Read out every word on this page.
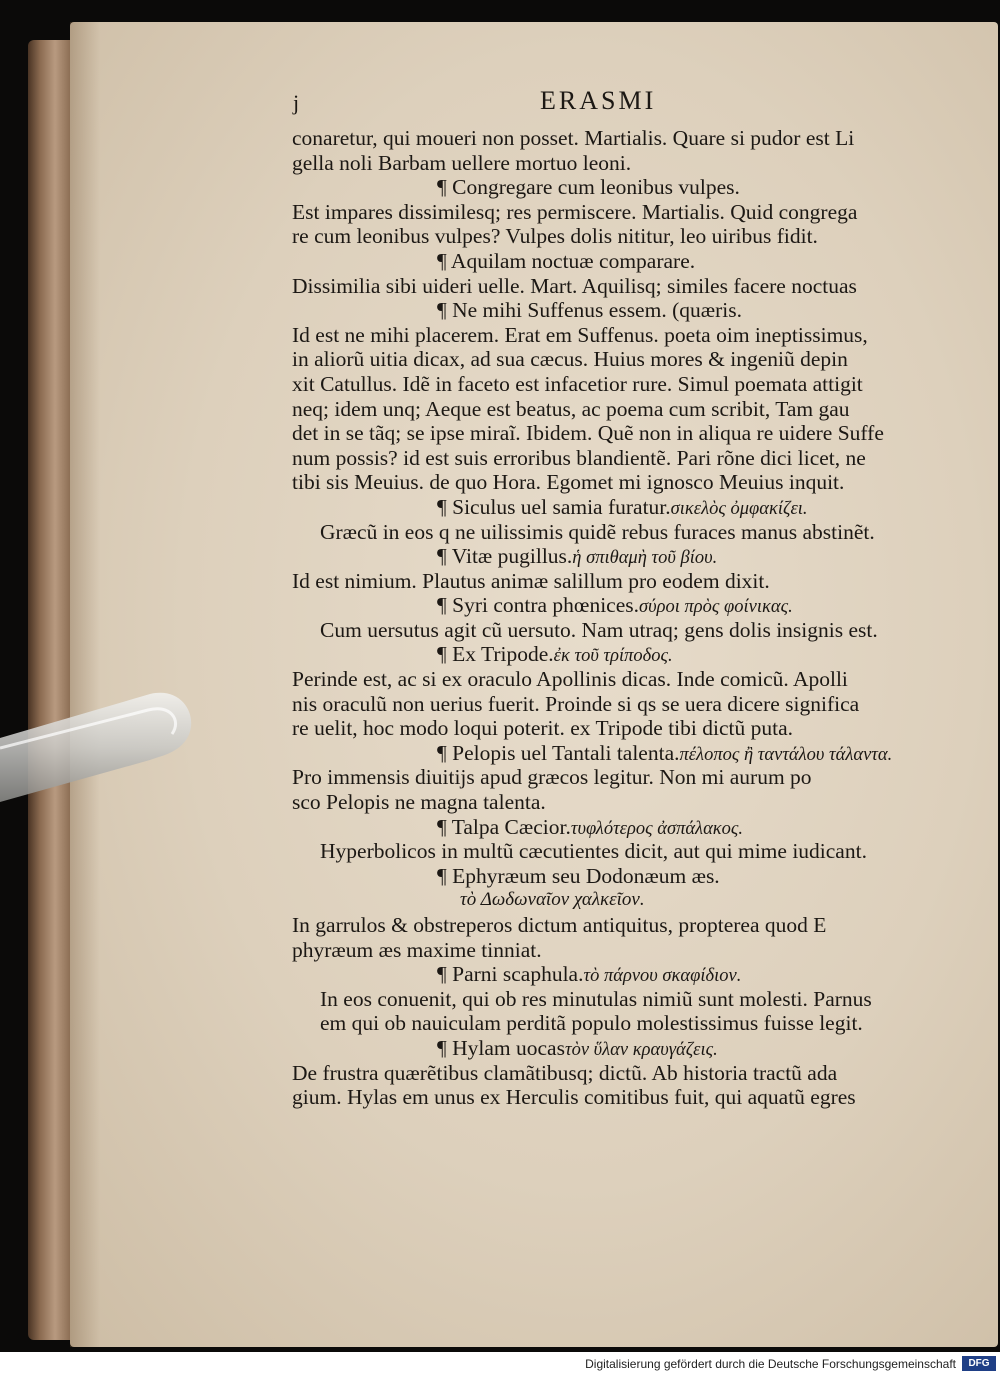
j	ERASMI
conaretur, qui moueri non posset. Martialis. Quare si pudor est Li
gella noli Barbam uellere mortuo leoni.
¶ Congregare cum leonibus vulpes.
Est impares dissimilesq; res permiscere. Martialis. Quid congrega
re cum leonibus vulpes? Vulpes dolis nititur, leo uiribus fidit.
¶ Aquilam noctuæ comparare.
Dissimilia sibi uideri uelle. Mart. Aquilisq; similes facere noctuas
¶ Ne mihi Suffenus essem. (quæris.
Id est ne mihi placerem. Erat em Suffenus. poeta oim ineptissimus,
in aliorũ uitia dicax, ad sua cæcus. Huius mores & ingeniũ depin
xit Catullus. Idẽ in faceto est infacetior rure. Simul poemata attigit
neq; idem unq; Aeque est beatus, ac poema cum scribit, Tam gau
det in se tãq; se ipse miraĩ. Ibidem. Quẽ non in aliqua re uidere Suffe
num possis? id est suis erroribus blandientẽ. Pari rõne dici licet, ne
tibi sis Meuius. de quo Hora. Egomet mi ignosco Meuius inquit.
¶ Siculus uel samia furatur.σικελὸς ὀμφακίζει.
Græcũ in eos q ne uilissimis quidẽ rebus furaces manus abstinẽt.
¶ Vitæ pugillus.ἡ σπιθαμὴ τοῦ βίου.
Id est nimium. Plautus animæ salillum pro eodem dixit.
¶ Syri contra phœnices.σύροι πρὸς φοίνικας.
Cum uersutus agit cũ uersuto. Nam utraq; gens dolis insignis est.
¶ Ex Tripode.ἐκ τοῦ τρίποδος.
Perinde est, ac si ex oraculo Apollinis dicas. Inde comicũ. Apolli
nis oraculũ non uerius fuerit. Proinde si qs se uera dicere significa
re uelit, hoc modo loqui poterit. ex Tripode tibi dictũ puta.
¶ Pelopis uel Tantali talenta.πέλοπος ἢ ταντάλου τάλαντα.
Pro immensis diuitijs apud græcos legitur. Non mi aurum po
sco Pelopis ne magna talenta.
¶ Talpa Cæcior.τυφλότερος ἀσπάλακος.
Hyperbolicos in multũ cæcutientes dicit, aut qui mime iudicant.
¶ Ephyræum seu Dodonæum æs.
τὸ Δωδωναῖον χαλκεῖον.
In garrulos & obstreperos dictum antiquitus, propterea quod E
phyræum æs maxime tinniat.
¶ Parni scaphula.τὸ πάρνου σκαφίδιον.
In eos conuenit, qui ob res minutulas nimiũ sunt molesti. Parnus
em qui ob nauiculam perditã populo molestissimus fuisse legit.
¶ Hylam uocasτὸν ὕλαν κραυγάζεις.
De frustra quærẽtibus clamãtibusq; dictũ. Ab historia tractũ ada
gium. Hylas em unus ex Herculis comitibus fuit, qui aquatũ egres
Digitalisierung gefördert durch die Deutsche Forschungsgemeinschaft	DFG
